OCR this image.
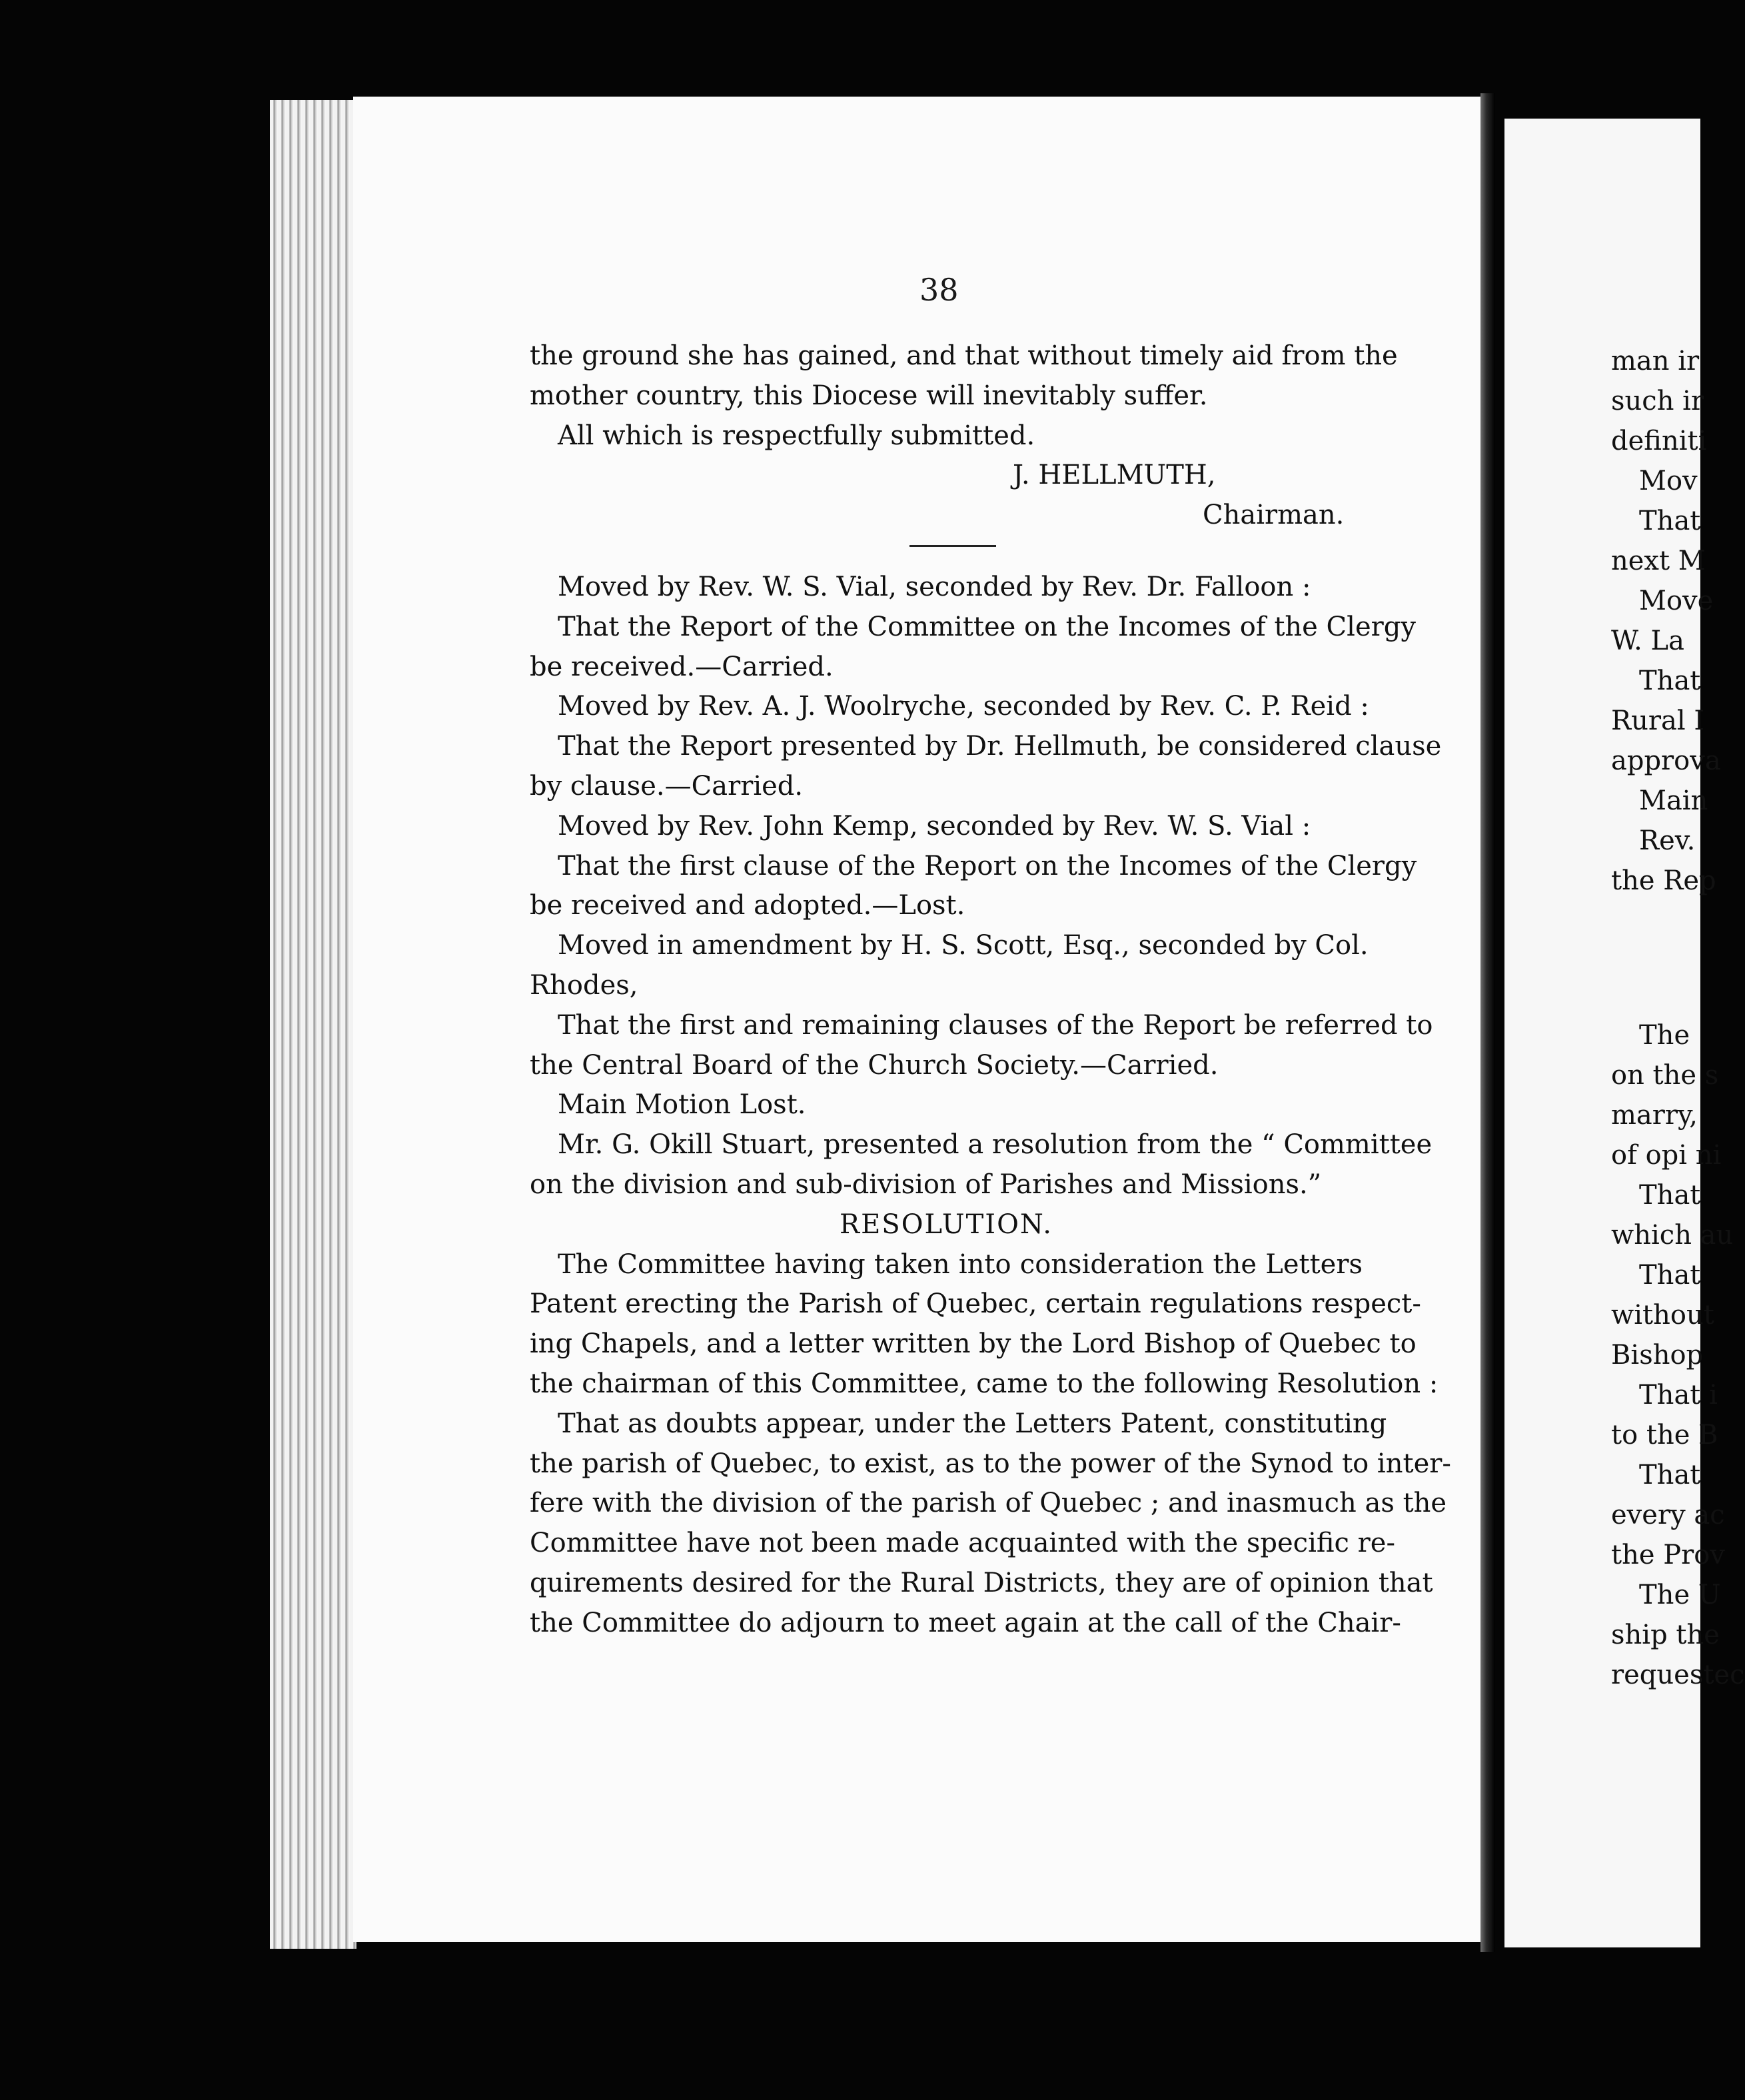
38
the ground she has gained, and that without timely aid from the
mother country, this Diocese will inevitably suffer.
All which is respectfully submitted.
J. HELLMUTH,
Chairman.
Moved by Rev. W. S. Vial, seconded by Rev. Dr. Falloon :
That the Report of the Committee on the Incomes of the Clergy
be received.—Carried.
Moved by Rev. A. J. Woolryche, seconded by Rev. C. P. Reid :
That the Report presented by Dr. Hellmuth, be considered clause
by clause.—Carried.
Moved by Rev. John Kemp, seconded by Rev. W. S. Vial :
That the first clause of the Report on the Incomes of the Clergy
be received and adopted.—Lost.
Moved in amendment by H. S. Scott, Esq., seconded by Col.
Rhodes,
That the first and remaining clauses of the Report be referred to
the Central Board of the Church Society.—Carried.
Main Motion Lost.
Mr. G. Okill Stuart, presented a resolution from the “ Committee
on the division and sub-division of Parishes and Missions.”
RESOLUTION.
The Committee having taken into consideration the Letters
Patent erecting the Parish of Quebec, certain regulations respect-
ing Chapels, and a letter written by the Lord Bishop of Quebec to
the chairman of this Committee, came to the following Resolution :
That as doubts appear, under the Letters Patent, constituting
the parish of Quebec, to exist, as to the power of the Synod to inter-
fere with the division of the parish of Quebec ; and inasmuch as the
Committee have not been made acquainted with the specific re-
quirements desired for the Rural Districts, they are of opinion that
the Committee do adjourn to meet again at the call of the Chair-
man ir
such ir
definiti
Mov
That
next M
Move
W. La
That
Rural I
approva
Main
Rev.
the Rep
The
on the s
marry,
of opi ni
That
which au
That
without
Bishop
That i
to the B
That
every ac
the Prov
The U
ship the
requestec
